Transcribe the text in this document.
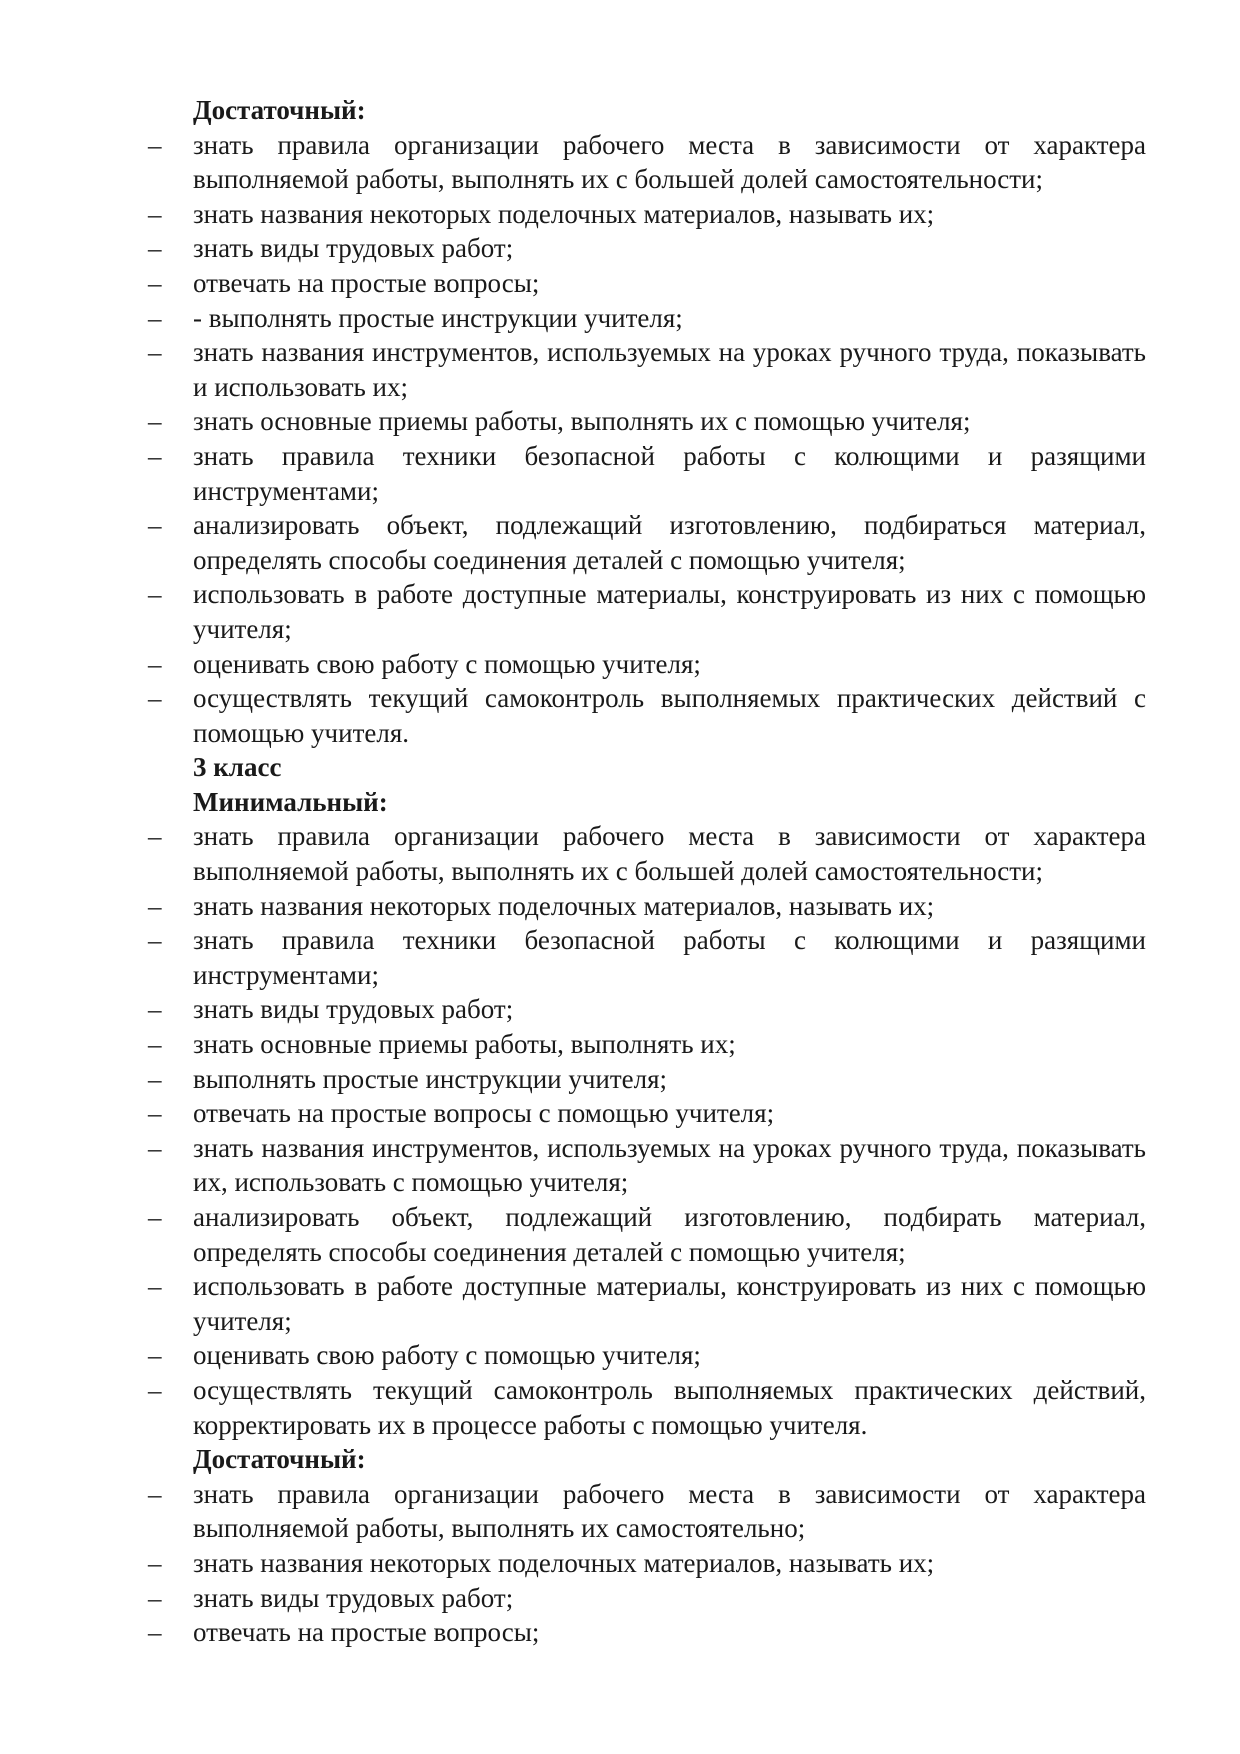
Достаточный:

– знать правила организации рабочего места в зависимости от характера выполняемой работы, выполнять их с большей долей самостоятельности;

– знать названия некоторых поделочных материалов, называть их;

– знать виды трудовых работ;

– отвечать на простые вопросы;

– - выполнять простые инструкции учителя;

– знать названия инструментов, используемых на уроках ручного труда, показывать и использовать их;

– знать основные приемы работы, выполнять их с помощью учителя;

– знать правила техники безопасной работы с колющими и разящими инструментами;

– анализировать объект, подлежащий изготовлению, подбираться материал, определять способы соединения деталей с помощью учителя;

– использовать в работе доступные материалы, конструировать из них с помощью учителя;

– оценивать свою работу с помощью учителя;

– осуществлять текущий самоконтроль выполняемых практических действий с помощью учителя.

3 класс

Минимальный:

– знать правила организации рабочего места в зависимости от характера выполняемой работы, выполнять их с большей долей самостоятельности;

– знать названия некоторых поделочных материалов, называть их;

– знать правила техники безопасной работы с колющими и разящими инструментами;

– знать виды трудовых работ;

– знать основные приемы работы, выполнять их;

– выполнять простые инструкции учителя;

– отвечать на простые вопросы с помощью учителя;

– знать названия инструментов, используемых на уроках ручного труда, показывать их, использовать с помощью учителя;

– анализировать объект, подлежащий изготовлению, подбирать материал, определять способы соединения деталей с помощью учителя;

– использовать в работе доступные материалы, конструировать из них с помощью учителя;

– оценивать свою работу с помощью учителя;

– осуществлять текущий самоконтроль выполняемых практических действий, корректировать их в процессе работы с помощью учителя.

Достаточный:

– знать правила организации рабочего места в зависимости от характера выполняемой работы, выполнять их самостоятельно;

– знать названия некоторых поделочных материалов, называть их;

– знать виды трудовых работ;

– отвечать на простые вопросы;
